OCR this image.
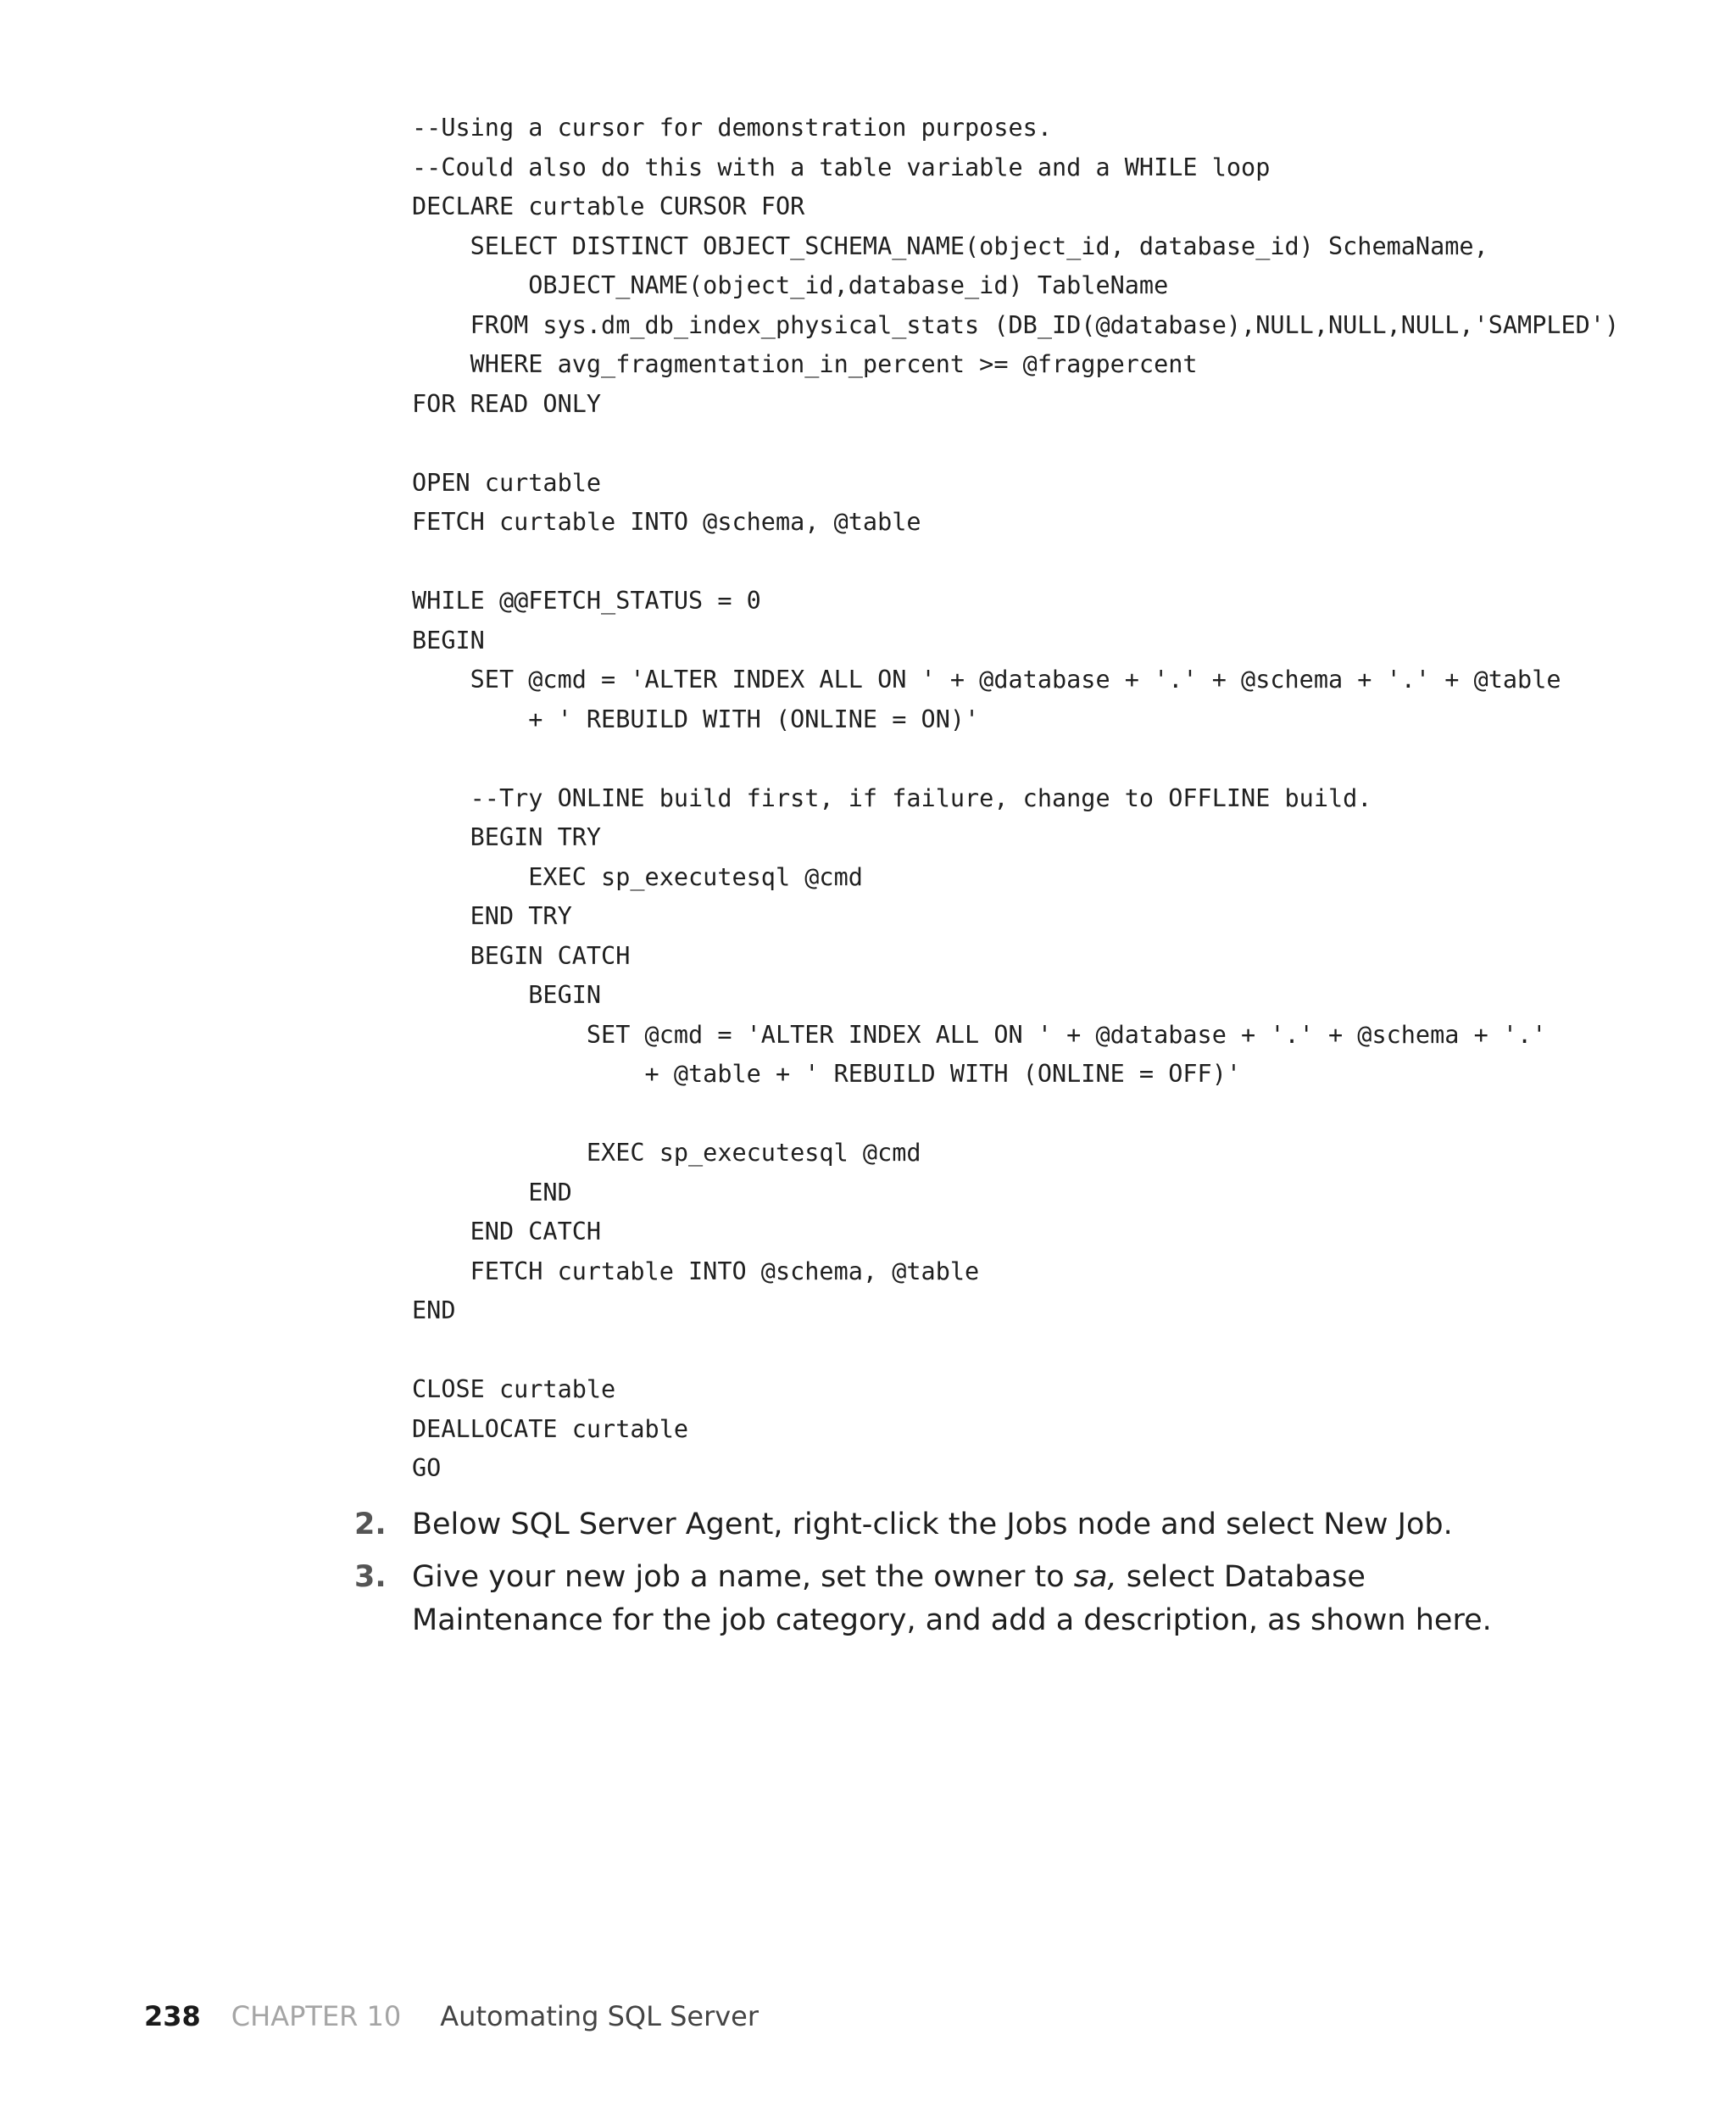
--Using a cursor for demonstration purposes.
--Could also do this with a table variable and a WHILE loop
DECLARE curtable CURSOR FOR
SELECT DISTINCT OBJECT_SCHEMA_NAME(object_id, database_id) SchemaName,
OBJECT_NAME(object_id,database_id) TableName
FROM sys.dm_db_index_physical_stats (DB_ID(@database),NULL,NULL,NULL,'SAMPLED')
WHERE avg_fragmentation_in_percent >= @fragpercent
FOR READ ONLY
OPEN curtable
FETCH curtable INTO @schema, @table
WHILE @@FETCH_STATUS = 0
BEGIN
SET @cmd = 'ALTER INDEX ALL ON ' + @database + '.' + @schema + '.' + @table
+ ' REBUILD WITH (ONLINE = ON)'
--Try ONLINE build first, if failure, change to OFFLINE build.
BEGIN TRY
EXEC sp_executesql @cmd
END TRY
BEGIN CATCH
BEGIN
SET @cmd = 'ALTER INDEX ALL ON ' + @database + '.' + @schema + '.'
+ @table + ' REBUILD WITH (ONLINE = OFF)'
EXEC sp_executesql @cmd
END
END CATCH
FETCH curtable INTO @schema, @table
END
CLOSE curtable
DEALLOCATE curtable
GO
2. Below SQL Server Agent, right-click the Jobs node and select New Job.
3. Give your new job a name, set the owner to sa, select Database Maintenance for the job category, and add a description, as shown here.
238 CHAPTER 10 Automating SQL Server
